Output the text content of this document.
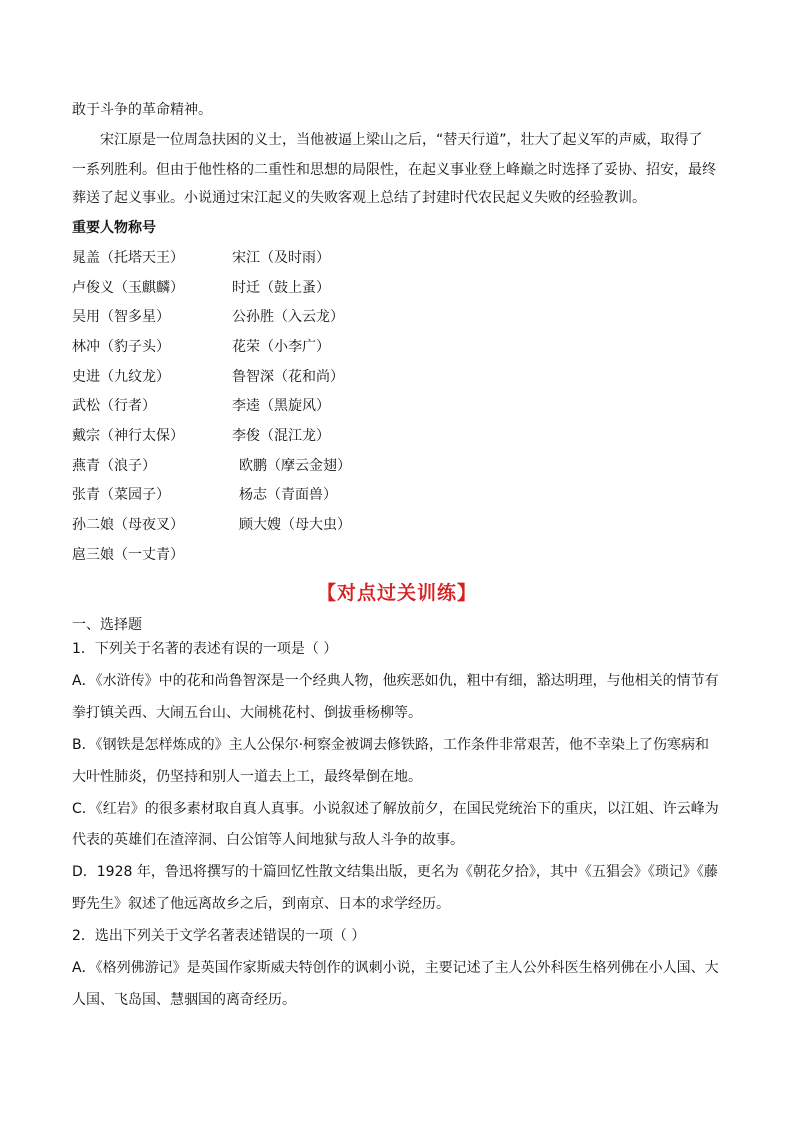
敢于斗争的革命精神。
宋江原是一位周急扶困的义士，当他被逼上梁山之后，“替天行道”，壮大了起义军的声威，取得了
一系列胜利。但由于他性格的二重性和思想的局限性，在起义事业登上峰巅之时选择了妥协、招安，最终
葬送了起义事业。小说通过宋江起义的失败客观上总结了封建时代农民起义失败的经验教训。
重要人物称号
晁盖（托塔天王）
卢俊义（玉麒麟）
吴用（智多星）
林冲（豹子头）
史进（九纹龙）
武松（行者）
戴宗（神行太保）
燕青（浪子）
张青（菜园子）
孙二娘（母夜叉）
扈三娘（一丈青）
宋江（及时雨）
时迁（鼓上蚤）
公孙胜（入云龙）
花荣（小李广）
鲁智深（花和尚）
李逵（黑旋风）
李俊（混江龙）
欧鹏（摩云金翅）
杨志（青面兽）
顾大嫂（母大虫）
【对点过关训练】
一、选择题
1．下列关于名著的表述有误的一项是（ ）
A．《水浒传》中的花和尚鲁智深是一个经典人物，他疾恶如仇，粗中有细，豁达明理，与他相关的情节有
拳打镇关西、大闹五台山、大闹桃花村、倒拔垂杨柳等。
B．《钢铁是怎样炼成的》主人公保尔·柯察金被调去修铁路，工作条件非常艰苦，他不幸染上了伤寒病和
大叶性肺炎，仍坚持和别人一道去上工，最终晕倒在地。
C．《红岩》的很多素材取自真人真事。小说叙述了解放前夕，在国民党统治下的重庆，以江姐、许云峰为
代表的英雄们在渣滓洞、白公馆等人间地狱与敌人斗争的故事。
D．1928 年，鲁迅将撰写的十篇回忆性散文结集出版，更名为《朝花夕拾》，其中《五猖会》《琐记》《藤
野先生》叙述了他远离故乡之后，到南京、日本的求学经历。
2．选出下列关于文学名著表述错误的一项（ ）
A．《格列佛游记》是英国作家斯威夫特创作的讽刺小说，主要记述了主人公外科医生格列佛在小人国、大
人国、飞岛国、慧骃国的离奇经历。
